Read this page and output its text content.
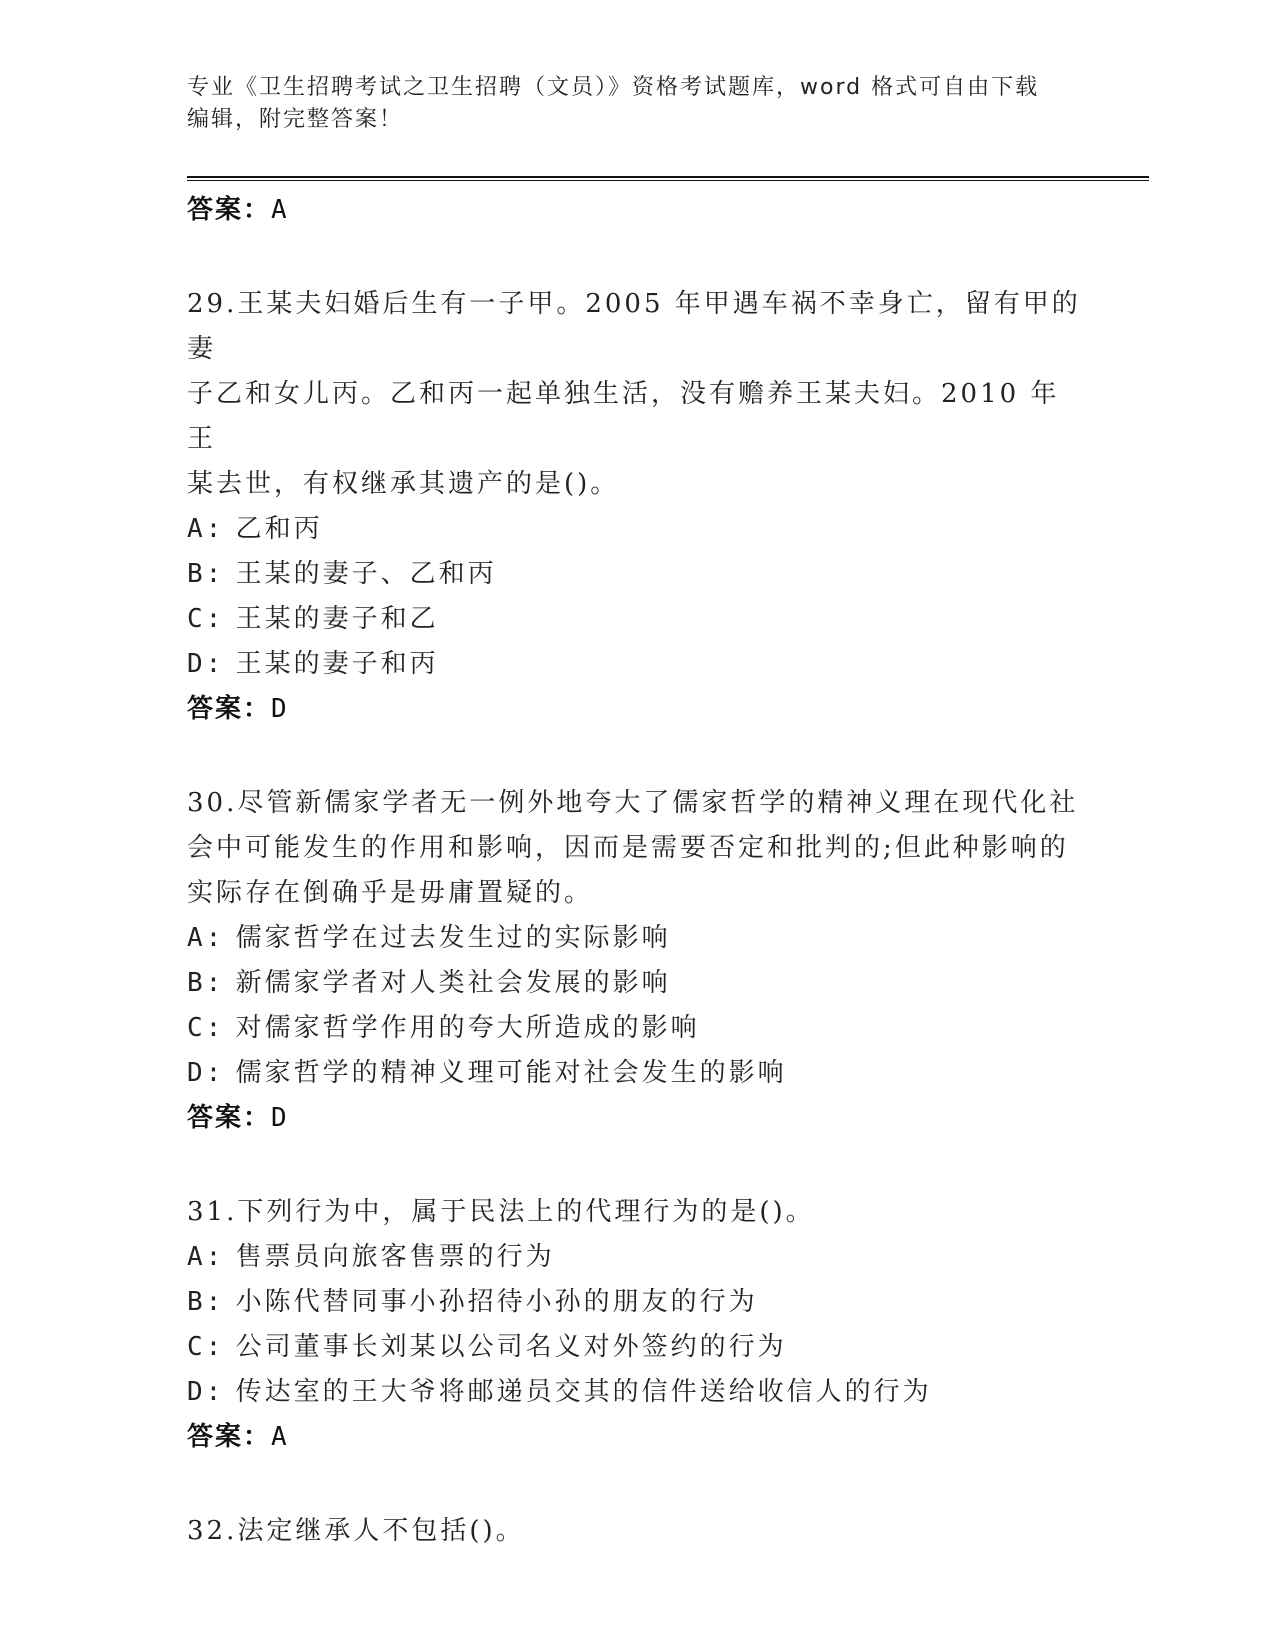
专业《卫生招聘考试之卫生招聘（文员）》资格考试题库，word 格式可自由下载
编辑，附完整答案！
答案：A
29.王某夫妇婚后生有一子甲。2005 年甲遇车祸不幸身亡，留有甲的妻
子乙和女儿丙。乙和丙一起单独生活，没有赡养王某夫妇。2010 年王
某去世，有权继承其遗产的是()。
A: 乙和丙
B: 王某的妻子、乙和丙
C: 王某的妻子和乙
D: 王某的妻子和丙
答案：D
30.尽管新儒家学者无一例外地夸大了儒家哲学的精神义理在现代化社
会中可能发生的作用和影响，因而是需要否定和批判的;但此种影响的
实际存在倒确乎是毋庸置疑的。
A: 儒家哲学在过去发生过的实际影响
B: 新儒家学者对人类社会发展的影响
C: 对儒家哲学作用的夸大所造成的影响
D: 儒家哲学的精神义理可能对社会发生的影响
答案：D
31.下列行为中，属于民法上的代理行为的是()。
A: 售票员向旅客售票的行为
B: 小陈代替同事小孙招待小孙的朋友的行为
C: 公司董事长刘某以公司名义对外签约的行为
D: 传达室的王大爷将邮递员交其的信件送给收信人的行为
答案：A
32.法定继承人不包括()。
